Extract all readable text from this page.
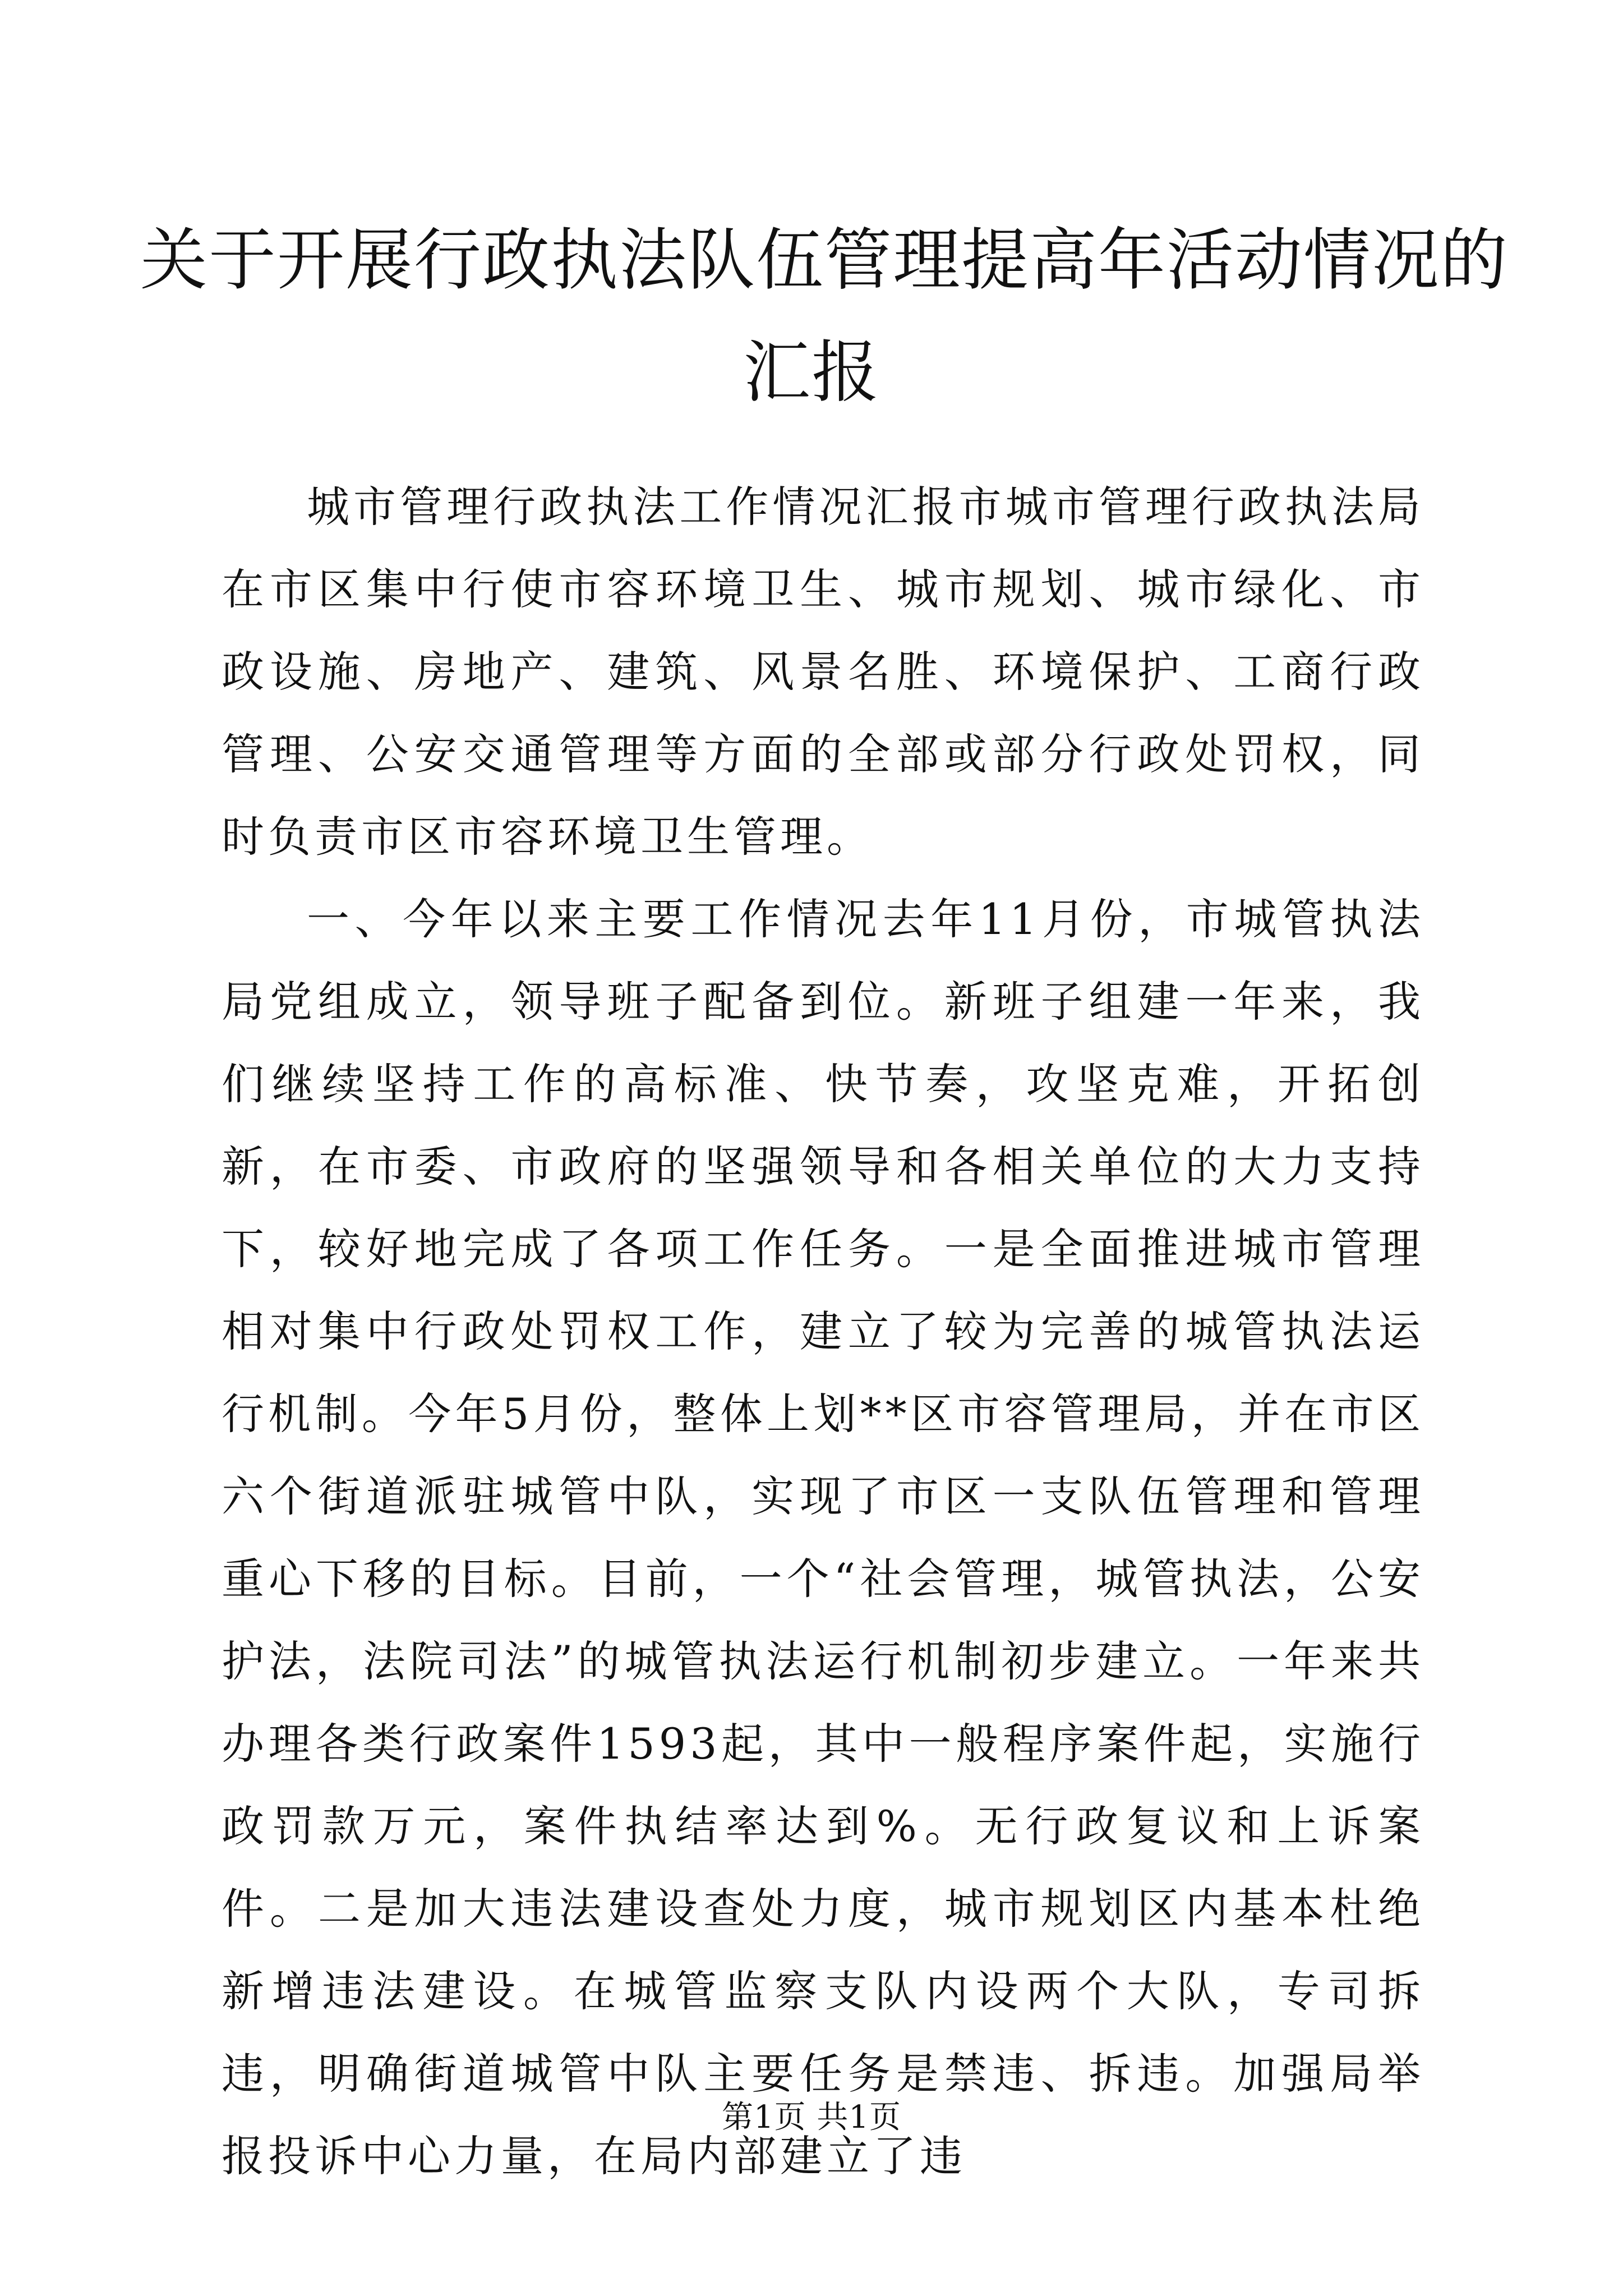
关于开展行政执法队伍管理提高年活动情况的
汇报

城市管理行政执法工作情况汇报市城市管理行政执法局在市区集中行使市容环境卫生、城市规划、城市绿化、市政设施、房地产、建筑、风景名胜、环境保护、工商行政管理、公安交通管理等方面的全部或部分行政处罚权，同时负责市区市容环境卫生管理。

一、今年以来主要工作情况去年11月份，市城管执法局党组成立，领导班子配备到位。新班子组建一年来，我们继续坚持工作的高标准、快节奏，攻坚克难，开拓创新，在市委、市政府的坚强领导和各相关单位的大力支持下，较好地完成了各项工作任务。一是全面推进城市管理相对集中行政处罚权工作，建立了较为完善的城管执法运行机制。今年5月份，整体上划**区市容管理局，并在市区六个街道派驻城管中队，实现了市区一支队伍管理和管理重心下移的目标。目前，一个“社会管理，城管执法，公安护法，法院司法”的城管执法运行机制初步建立。一年来共办理各类行政案件1593起，其中一般程序案件起，实施行政罚款万元，案件执结率达到%。无行政复议和上诉案件。二是加大违法建设查处力度，城市规划区内基本杜绝新增违法建设。在城管监察支队内设两个大队，专司拆违，明确街道城管中队主要任务是禁违、拆违。加强局举报投诉中心力量，在局内部建立了违

第1页 共1页
